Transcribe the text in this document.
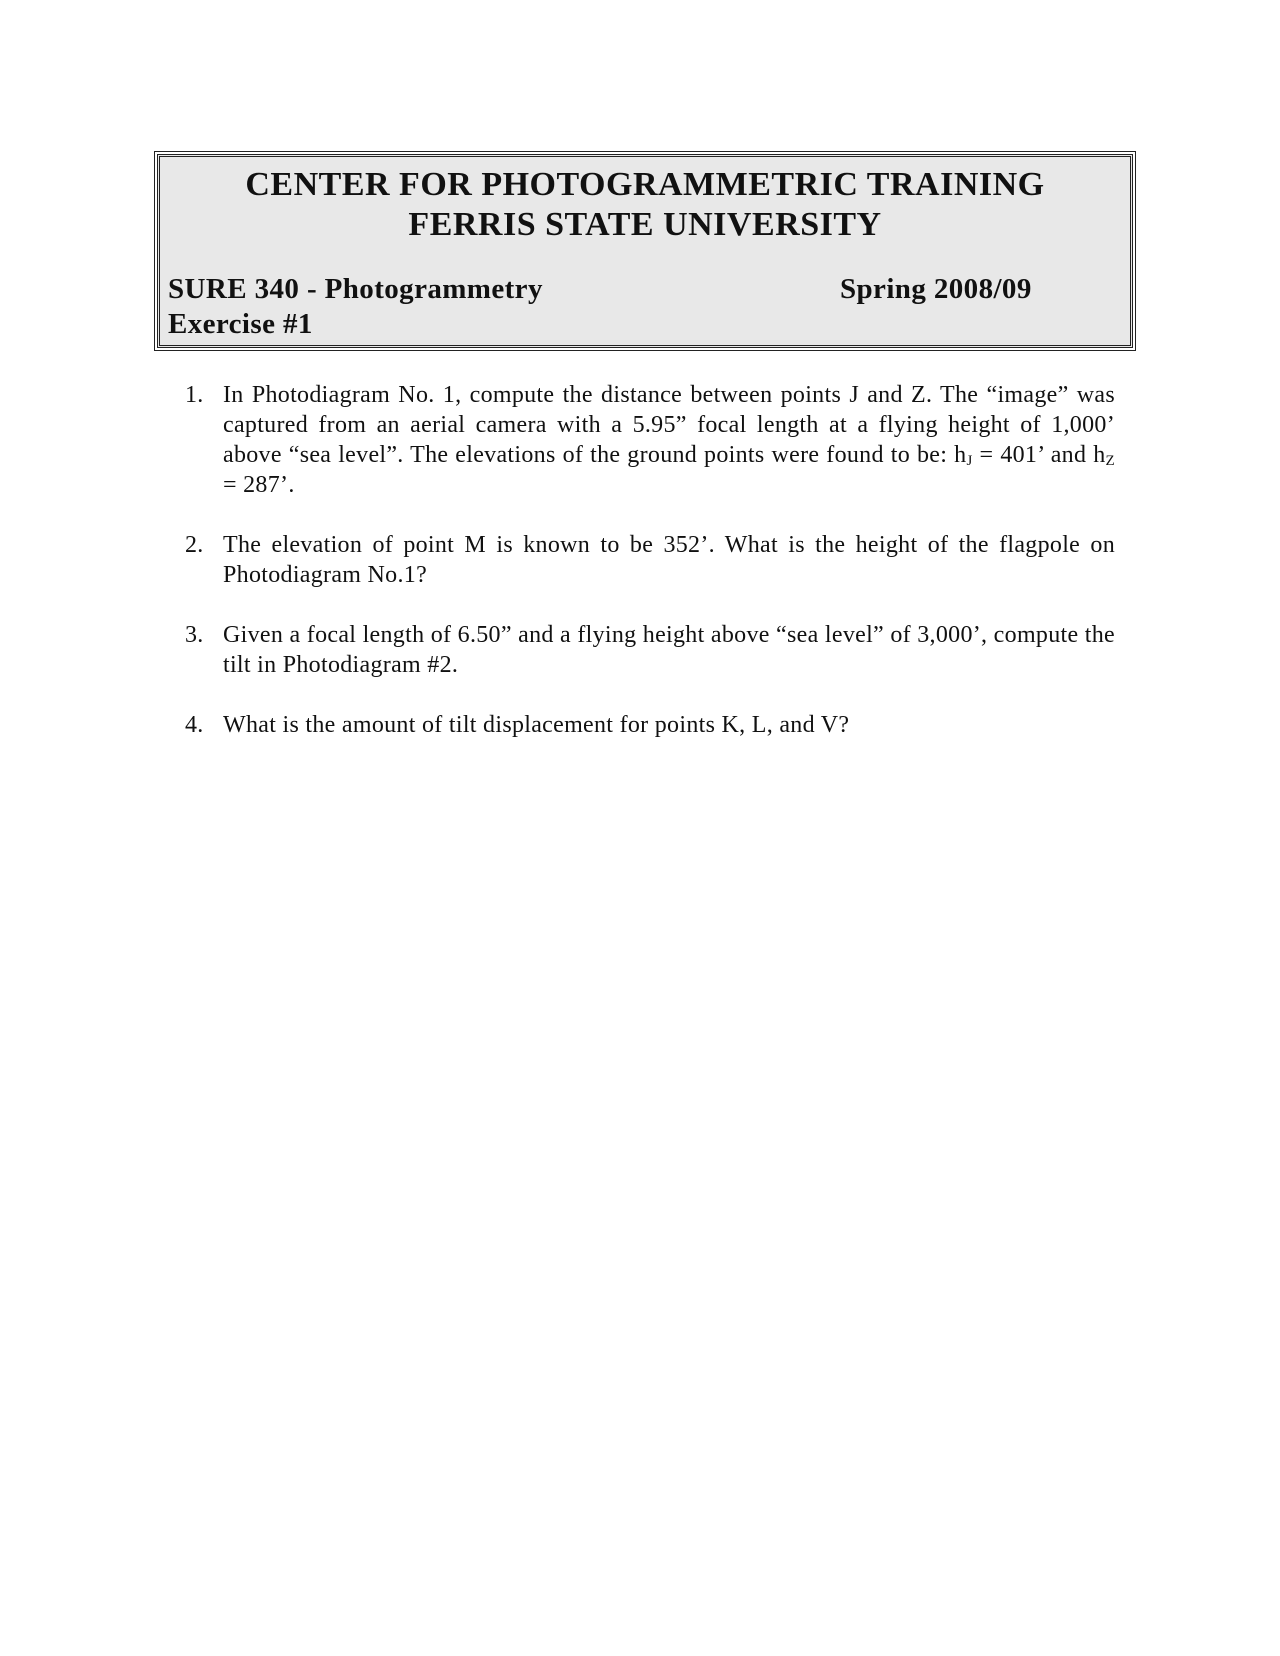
CENTER FOR PHOTOGRAMMETRIC TRAINING
FERRIS STATE UNIVERSITY
SURE 340 - Photogrammetry	Spring 2008/09
Exercise #1
1. In Photodiagram No. 1, compute the distance between points J and Z. The “image” was captured from an aerial camera with a 5.95” focal length at a flying height of 1,000’ above “sea level”. The elevations of the ground points were found to be: $h_J = 401$’ and $h_Z = 287$’.
2. The elevation of point M is known to be 352’. What is the height of the flagpole on Photodiagram No.1?
3. Given a focal length of 6.50” and a flying height above “sea level” of 3,000’, compute the tilt in Photodiagram #2.
4. What is the amount of tilt displacement for points K, L, and V?
